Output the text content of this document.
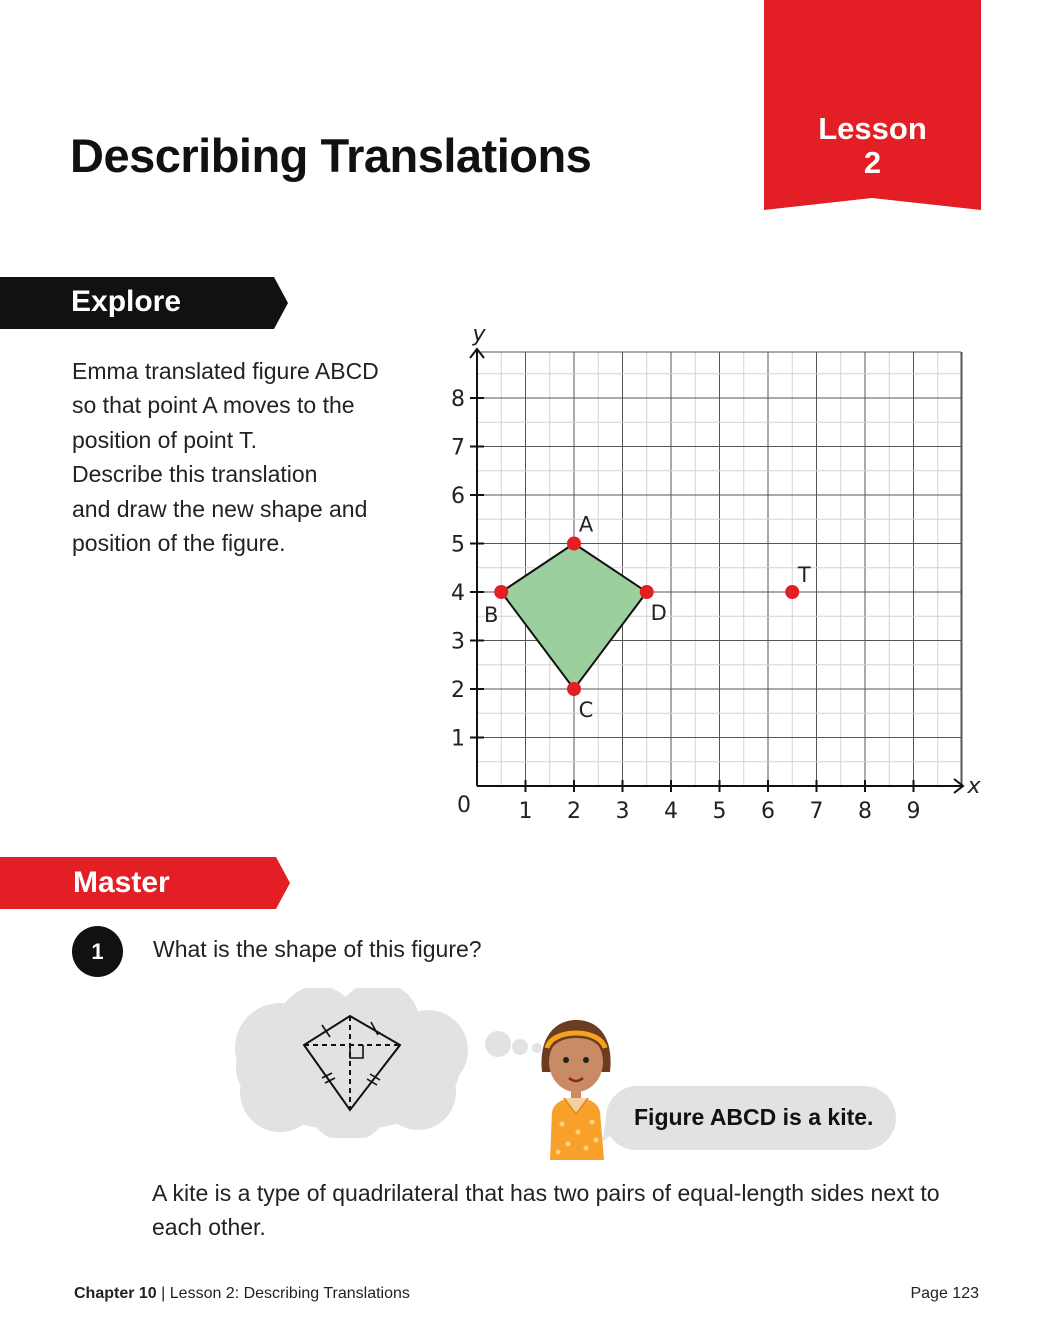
Lesson
2
Describing Translations
Explore
Emma translated figure ABCD
so that point A moves to the
position of point T.
Describe this translation
and draw the new shape and
position of the figure.
1 2 3 4 5 6 7 8 9
1
2
3
4
5
6
7
8
0
x
y
A
B
C
D
T
Master
1	What is the shape of this figure?
Figure ABCD is a kite.
A kite is a type of quadrilateral that has two pairs of equal-length sides next to each other.
Chapter 10 | Lesson 2: Describing Translations	Page 123
